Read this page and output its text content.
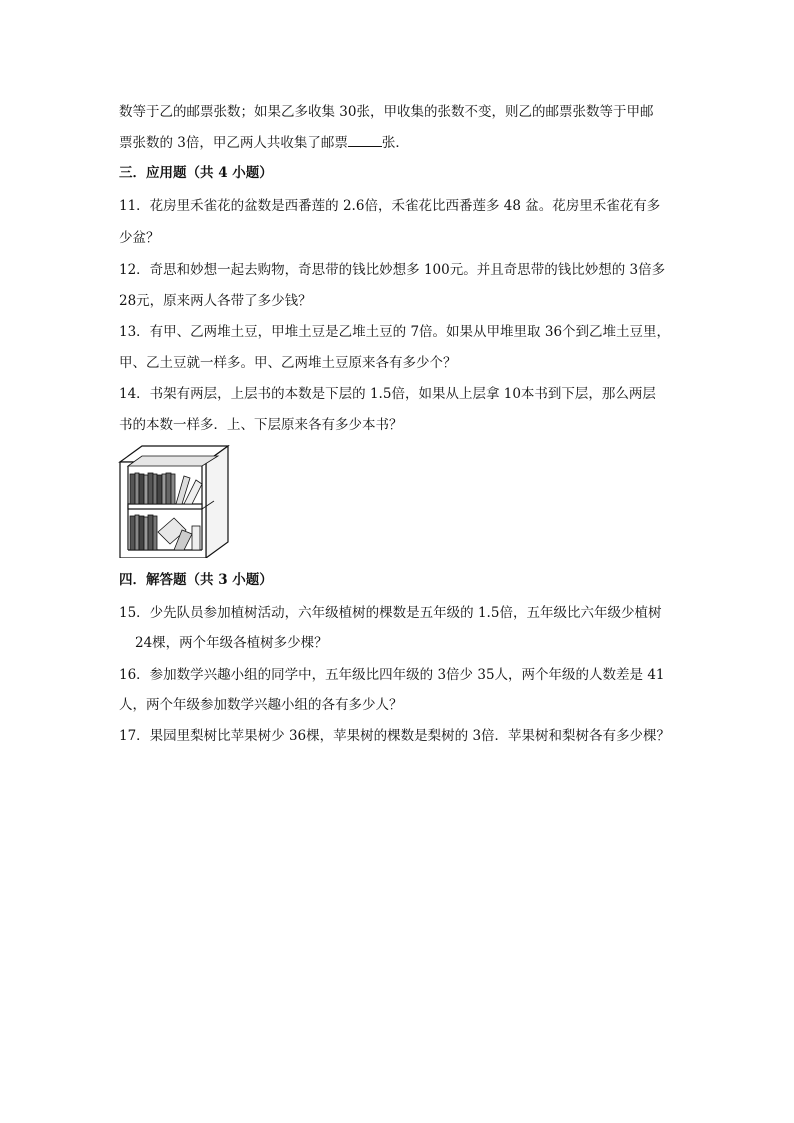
数等于乙的邮票张数；如果乙多收集 30张，甲收集的张数不变，则乙的邮票张数等于甲邮
票张数的 3倍，甲乙两人共收集了邮票	张．
三．应用题（共 4 小题）
11．花房里禾雀花的盆数是西番莲的 2.6倍，禾雀花比西番莲多 48 盆。花房里禾雀花有多
少盆？
12．奇思和妙想一起去购物，奇思带的钱比妙想多 100元。并且奇思带的钱比妙想的 3倍多
28元，原来两人各带了多少钱？
13．有甲、乙两堆土豆，甲堆土豆是乙堆土豆的 7倍。如果从甲堆里取 36个到乙堆土豆里，
甲、乙土豆就一样多。甲、乙两堆土豆原来各有多少个？
14．书架有两层，上层书的本数是下层的 1.5倍，如果从上层拿 10本书到下层，那么两层
书的本数一样多．上、下层原来各有多少本书？
四．解答题（共 3 小题）
15．少先队员参加植树活动，六年级植树的棵数是五年级的 1.5倍，五年级比六年级少植树
24棵，两个年级各植树多少棵？
16．参加数学兴趣小组的同学中，五年级比四年级的 3倍少 35人，两个年级的人数差是 41
人，两个年级参加数学兴趣小组的各有多少人？
17．果园里梨树比苹果树少 36棵，苹果树的棵数是梨树的 3倍．苹果树和梨树各有多少棵？
